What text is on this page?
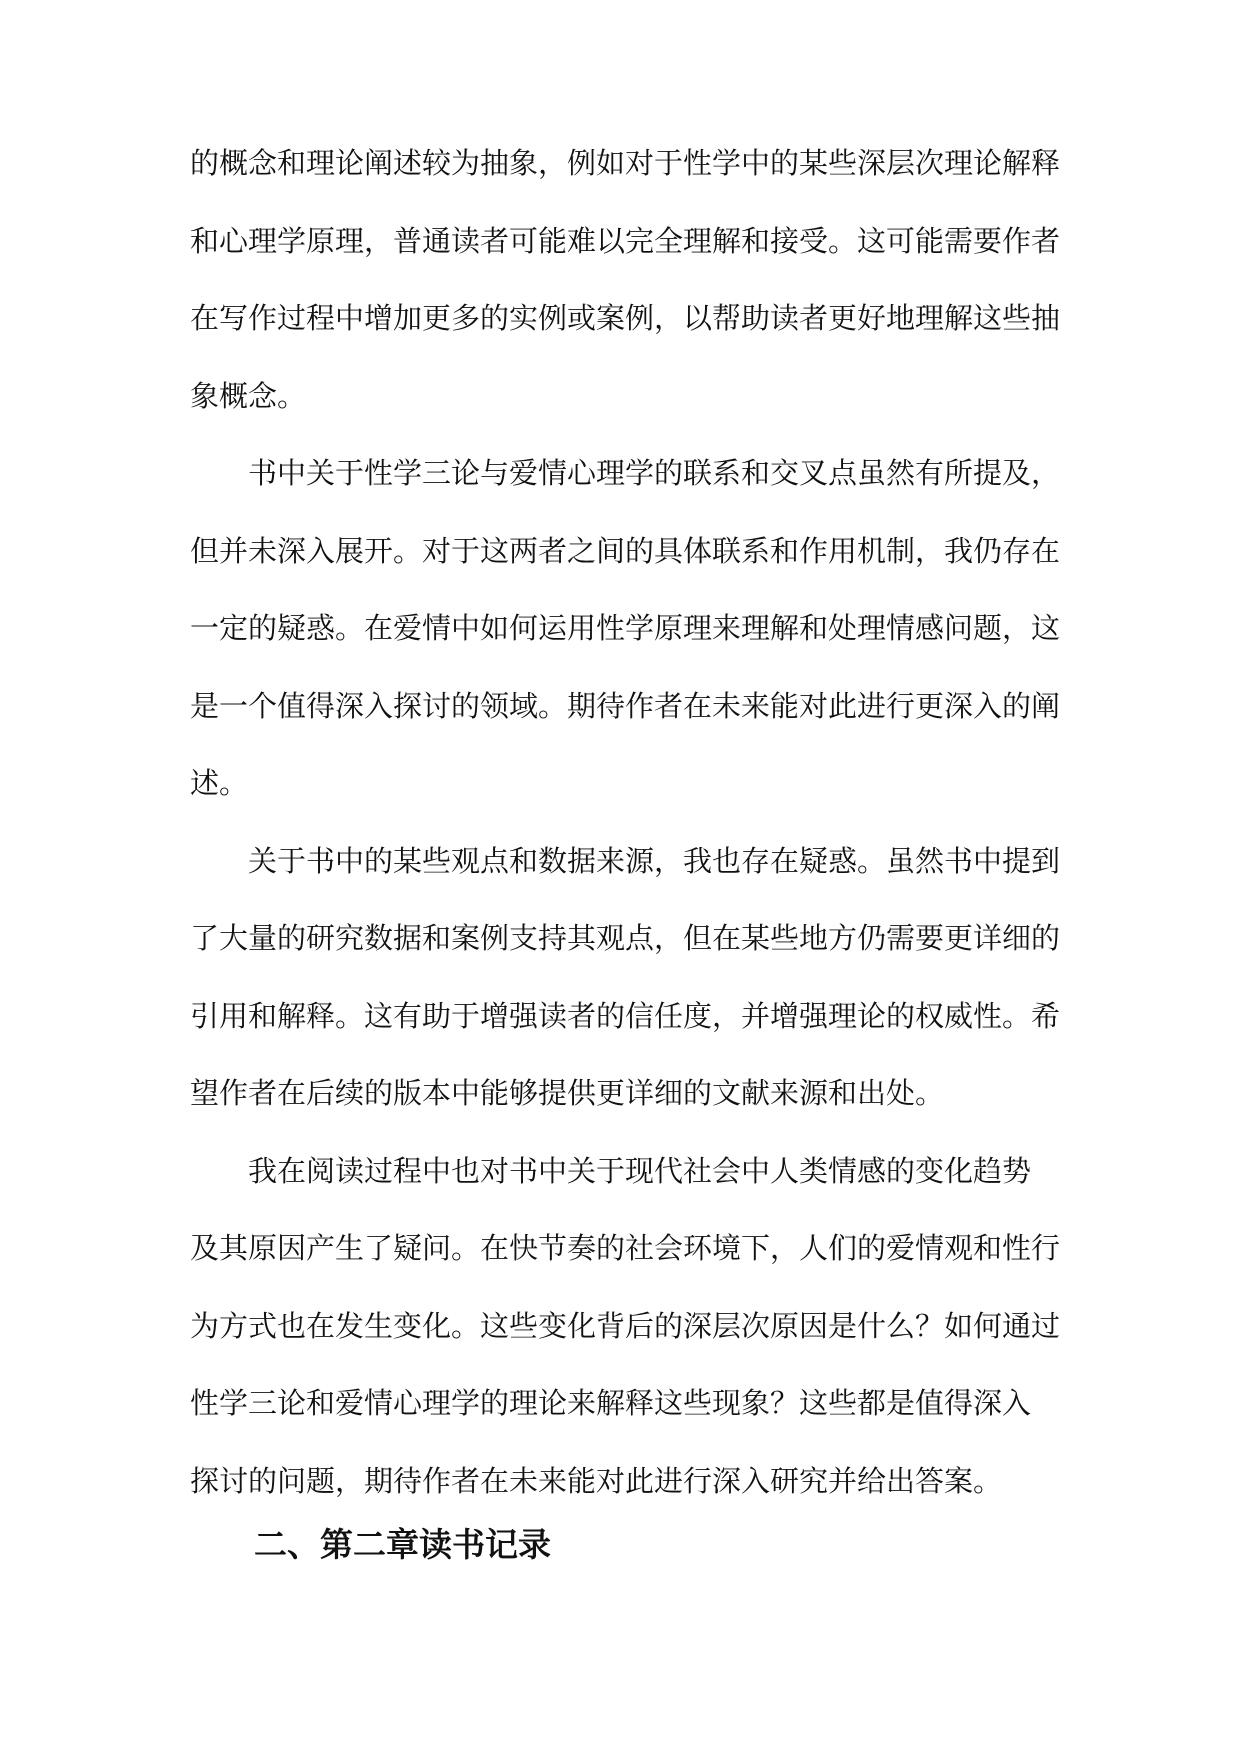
的概念和理论阐述较为抽象，例如对于性学中的某些深层次理论解释
和心理学原理，普通读者可能难以完全理解和接受。这可能需要作者
在写作过程中增加更多的实例或案例，以帮助读者更好地理解这些抽
象概念。
书中关于性学三论与爱情心理学的联系和交叉点虽然有所提及，
但并未深入展开。对于这两者之间的具体联系和作用机制，我仍存在
一定的疑惑。在爱情中如何运用性学原理来理解和处理情感问题，这
是一个值得深入探讨的领域。期待作者在未来能对此进行更深入的阐
述。
关于书中的某些观点和数据来源，我也存在疑惑。虽然书中提到
了大量的研究数据和案例支持其观点，但在某些地方仍需要更详细的
引用和解释。这有助于增强读者的信任度，并增强理论的权威性。希
望作者在后续的版本中能够提供更详细的文献来源和出处。
我在阅读过程中也对书中关于现代社会中人类情感的变化趋势
及其原因产生了疑问。在快节奏的社会环境下，人们的爱情观和性行
为方式也在发生变化。这些变化背后的深层次原因是什么？如何通过
性学三论和爱情心理学的理论来解释这些现象？这些都是值得深入
探讨的问题，期待作者在未来能对此进行深入研究并给出答案。
二、第二章读书记录
